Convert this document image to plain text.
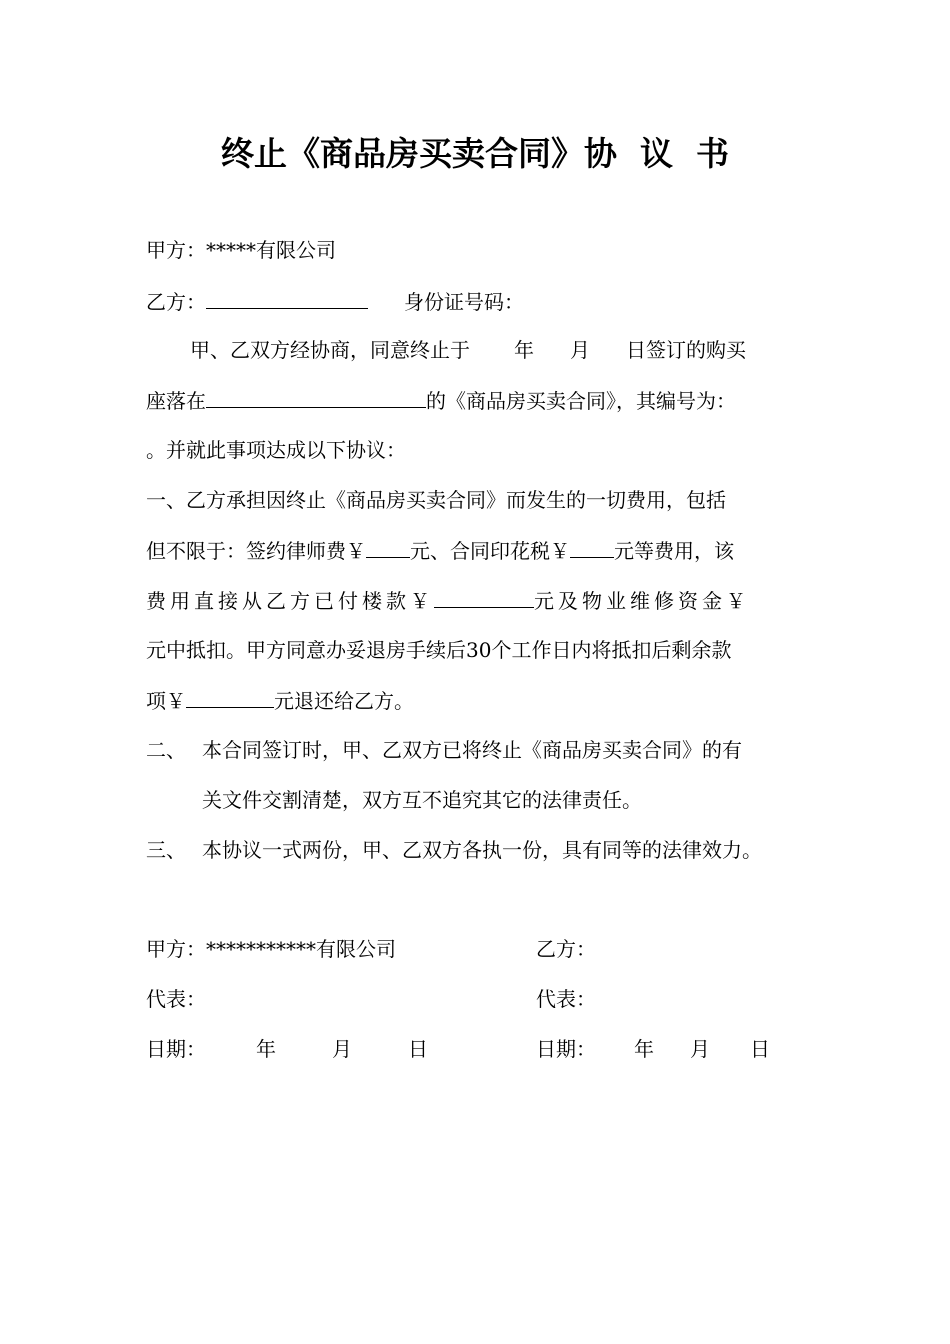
终止《商品房买卖合同》协  议  书
甲方：*****有限公司
乙方：	身份证号码：
甲、乙双方经协商，同意终止于 年 月 日签订的购买
座落在	的《商品房买卖合同》，其编号为：
。并就此事项达成以下协议：
一、乙方承担因终止《商品房买卖合同》而发生的一切费用，包括
但不限于：签约律师费￥ 元、合同印花税￥ 元等费用，该
费用直接从乙方已付楼款￥	元及物业维修资金￥
元中抵扣。甲方同意办妥退房手续后30个工作日内将抵扣后剩余款
项￥	元退还给乙方。
二、 本合同签订时，甲、乙双方已将终止《商品房买卖合同》的有
关文件交割清楚，双方互不追究其它的法律责任。
三、 本协议一式两份，甲、乙双方各执一份，具有同等的法律效力。
甲方：***********有限公司	乙方：
代表：	代表：
日期：	年	月	日	日期： 年 月 日
